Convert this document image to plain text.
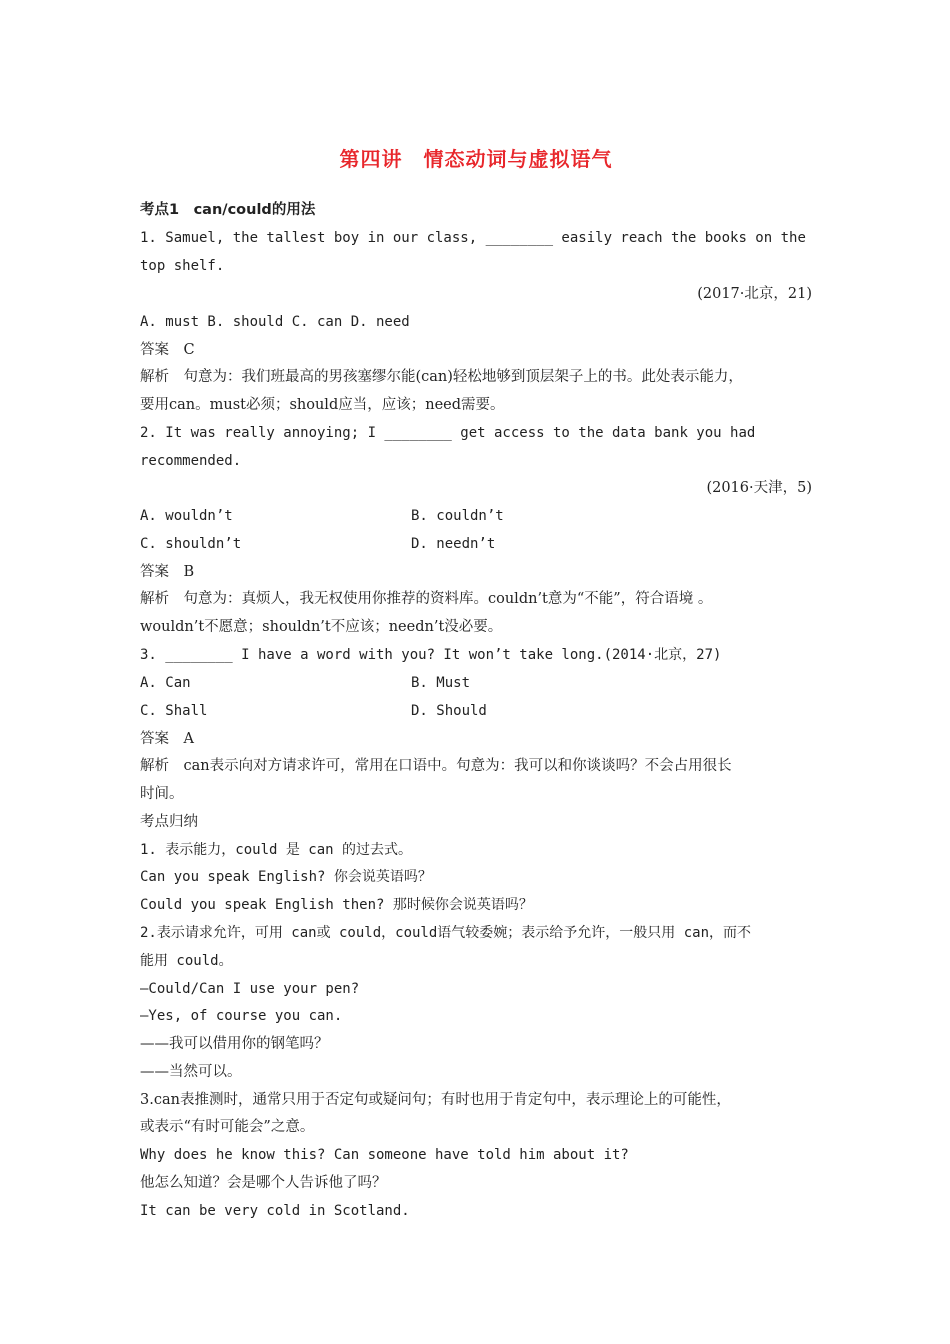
第四讲　情态动词与虚拟语气
考点1　can/could的用法
1. Samuel, the tallest boy in our class, ________ easily reach the books on the
top shelf.
(2017·北京，21)
A. must B. should C. can D. need
答案　C
解析　句意为：我们班最高的男孩塞缪尔能(can)轻松地够到顶层架子上的书。此处表示能力，
要用can。must必须；should应当，应该；need需要。
2. It was really annoying; I ________ get access to the data bank you had
recommended.
(2016·天津，5)
A. wouldn’t	B. couldn’t
C. shouldn’t	D. needn’t
答案　B
解析　句意为：真烦人，我无权使用你推荐的资料库。couldn’t意为“不能”，符合语境 。
wouldn’t不愿意；shouldn’t不应该；needn’t没必要。
3. ________ I have a word with you? It won’t take long.(2014·北京，27)
A. Can	B. Must
C. Shall	D. Should
答案　A
解析　can表示向对方请求许可，常用在口语中。句意为：我可以和你谈谈吗？不会占用很长
时间。
考点归纳
1. 表示能力，could 是 can 的过去式。
Can you speak English? 你会说英语吗？
Could you speak English then? 那时候你会说英语吗？
2.表示请求允许，可用 can或 could，could语气较委婉；表示给予允许，一般只用 can，而不
能用 could。
—Could/Can I use your pen?
—Yes, of course you can.
——我可以借用你的钢笔吗？
——当然可以。
3.can表推测时，通常只用于否定句或疑问句；有时也用于肯定句中，表示理论上的可能性，
或表示“有时可能会”之意。
Why does he know this? Can someone have told him about it?
他怎么知道？会是哪个人告诉他了吗？
It can be very cold in Scotland.
